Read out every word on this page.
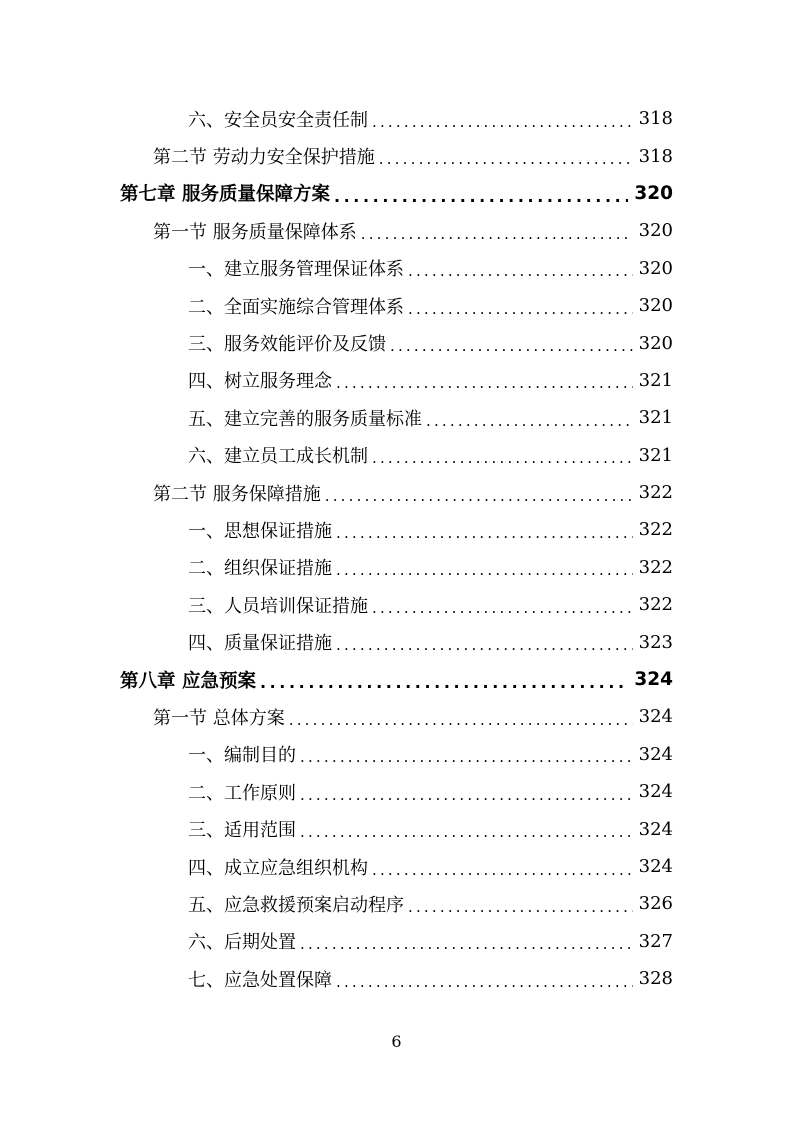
六、安全员安全责任制 .....	318
第二节 劳动力安全保护措施 .....	318
第七章 服务质量保障方案 .....	320
第一节 服务质量保障体系 .....	320
一、建立服务管理保证体系 .....	320
二、全面实施综合管理体系 .....	320
三、服务效能评价及反馈 .....	320
四、树立服务理念 .....	321
五、建立完善的服务质量标准 .....	321
六、建立员工成长机制 .....	321
第二节 服务保障措施 .....	322
一、思想保证措施 .....	322
二、组织保证措施 .....	322
三、人员培训保证措施 .....	322
四、质量保证措施 .....	323
第八章 应急预案 .....	324
第一节 总体方案 .....	324
一、编制目的 .....	324
二、工作原则 .....	324
三、适用范围 .....	324
四、成立应急组织机构 .....	324
五、应急救援预案启动程序 .....	326
六、后期处置 .....	327
七、应急处置保障 .....	328
6
